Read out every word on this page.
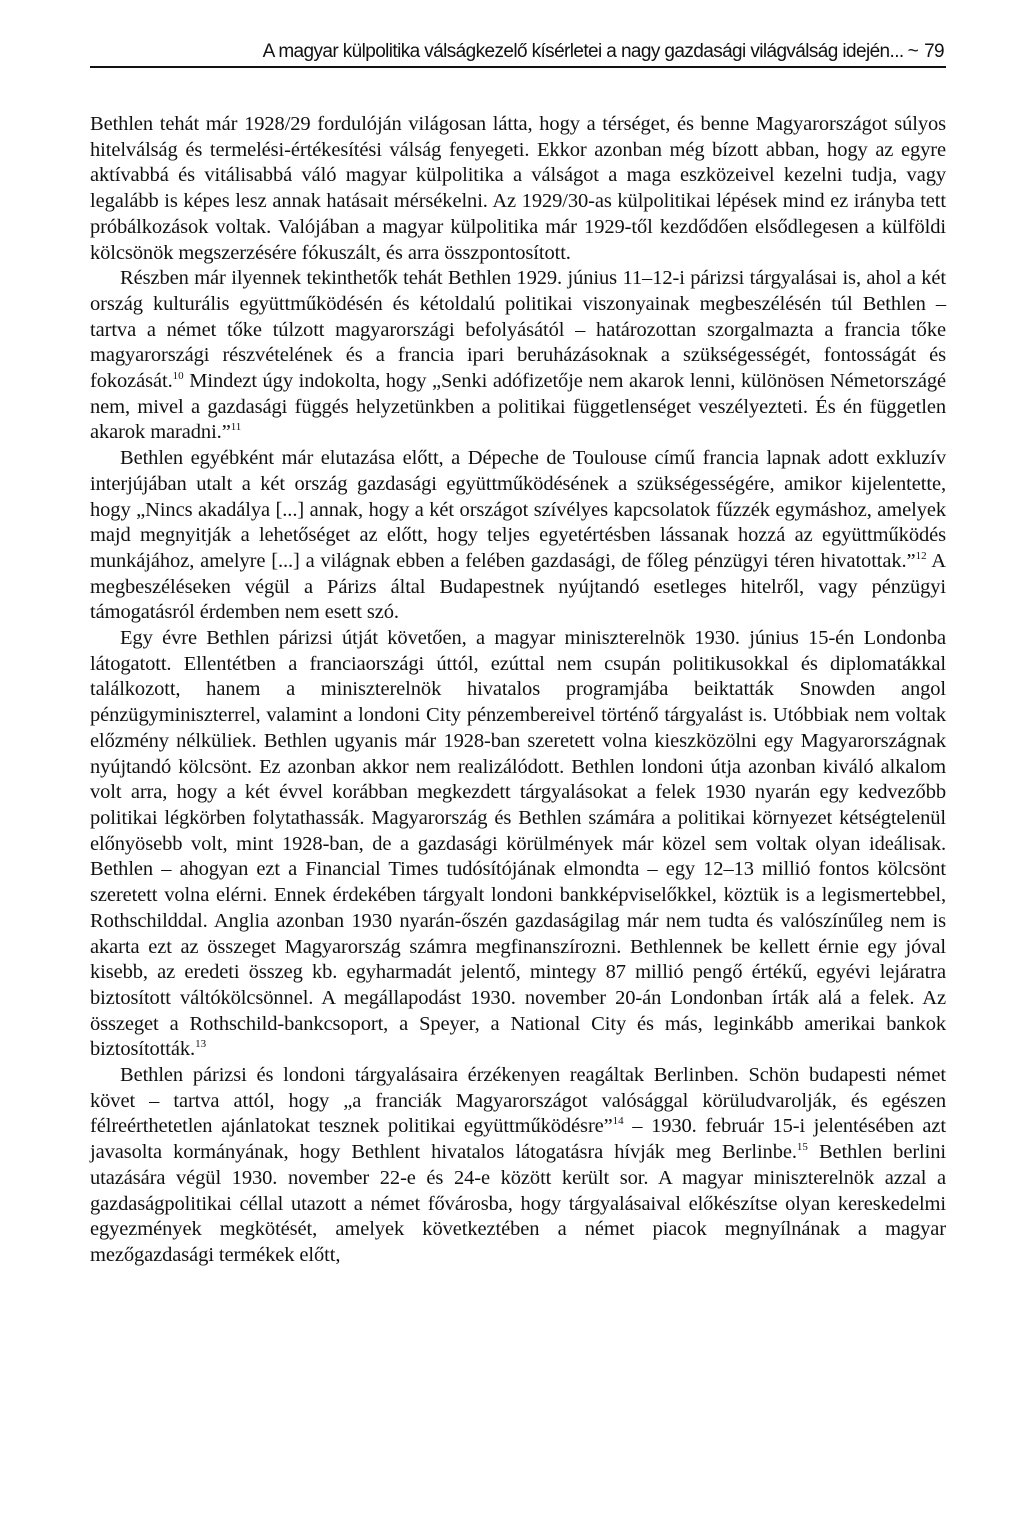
A magyar külpolitika válságkezelő kísérletei a nagy gazdasági világválság idején... ~ 79

Bethlen tehát már 1928/29 fordulóján világosan látta, hogy a térséget, és benne Magyarországot súlyos hitelválság és termelési-értékesítési válság fenyegeti. Ekkor azonban még bízott abban, hogy az egyre aktívabbá és vitálisabbá váló magyar külpolitika a válságot a maga eszközeivel kezelni tudja, vagy legalább is képes lesz annak hatásait mérsékelni. Az 1929/30-as külpolitikai lépések mind ez irányba tett próbálkozások voltak. Valójában a magyar külpolitika már 1929-től kezdődően elsődlegesen a külföldi kölcsönök megszerzésére fókuszált, és arra összpontosított.

Részben már ilyennek tekinthetők tehát Bethlen 1929. június 11–12-i párizsi tárgyalásai is, ahol a két ország kulturális együttműködésén és kétoldalú politikai viszonyainak megbeszélésén túl Bethlen – tartva a német tőke túlzott magyarországi befolyásától – határozottan szorgalmazta a francia tőke magyarországi részvételének és a francia ipari beruházásoknak a szükségességét, fontosságát és fokozását.$^{10}$ Mindezt úgy indokolta, hogy „Senki adófizetője nem akarok lenni, különösen Németországé nem, mivel a gazdasági függés helyzetünkben a politikai függetlenséget veszélyezteti. És én független akarok maradni.”$^{11}$

Bethlen egyébként már elutazása előtt, a Dépeche de Toulouse című francia lapnak adott exkluzív interjújában utalt a két ország gazdasági együttműködésének a szükségességére, amikor kijelentette, hogy „Nincs akadálya [...] annak, hogy a két országot szívélyes kapcsolatok fűzzék egymáshoz, amelyek majd megnyitják a lehetőséget az előtt, hogy teljes egyetértésben lássanak hozzá az együttműködés munkájához, amelyre [...] a világnak ebben a felében gazdasági, de főleg pénzügyi téren hivatottak.”$^{12}$ A megbeszéléseken végül a Párizs által Budapestnek nyújtandó esetleges hitelről, vagy pénzügyi támogatásról érdemben nem esett szó.

Egy évre Bethlen párizsi útját követően, a magyar miniszterelnök 1930. június 15-én Londonba látogatott. Ellentétben a franciaországi úttól, ezúttal nem csupán politikusokkal és diplomatákkal találkozott, hanem a miniszterelnök hivatalos programjába beiktatták Snowden angol pénzügyminiszterrel, valamint a londoni City pénzembereivel történő tárgyalást is. Utóbbiak nem voltak előzmény nélküliek. Bethlen ugyanis már 1928-ban szeretett volna kieszközölni egy Magyarországnak nyújtandó kölcsönt. Ez azonban akkor nem realizálódott. Bethlen londoni útja azonban kiváló alkalom volt arra, hogy a két évvel korábban megkezdett tárgyalásokat a felek 1930 nyarán egy kedvezőbb politikai légkörben folytathassák. Magyarország és Bethlen számára a politikai környezet kétségtelenül előnyösebb volt, mint 1928-ban, de a gazdasági körülmények már közel sem voltak olyan ideálisak. Bethlen – ahogyan ezt a Financial Times tudósítójának elmondta – egy 12–13 millió fontos kölcsönt szeretett volna elérni. Ennek érdekében tárgyalt londoni bankképviselőkkel, köztük is a legismertebbel, Rothschilddal. Anglia azonban 1930 nyarán-őszén gazdaságilag már nem tudta és valószínűleg nem is akarta ezt az összeget Magyarország számra megfinanszírozni. Bethlennek be kellett érnie egy jóval kisebb, az eredeti összeg kb. egyharmadát jelentő, mintegy 87 millió pengő értékű, egyévi lejáratra biztosított váltókölcsönnel. A megállapodást 1930. november 20-án Londonban írták alá a felek. Az összeget a Rothschild-bankcsoport, a Speyer, a National City és más, leginkább amerikai bankok biztosították.$^{13}$

Bethlen párizsi és londoni tárgyalásaira érzékenyen reagáltak Berlinben. Schön budapesti német követ – tartva attól, hogy „a franciák Magyarországot valósággal körüludvarolják, és egészen félreérthetetlen ajánlatokat tesznek politikai együttműködésre”$^{14}$ – 1930. február 15-i jelentésében azt javasolta kormányának, hogy Bethlent hivatalos látogatásra hívják meg Berlinbe.$^{15}$ Bethlen berlini utazására végül 1930. november 22-e és 24-e között került sor. A magyar miniszterelnök azzal a gazdaságpolitikai céllal utazott a német fővárosba, hogy tárgyalásaival előkészítse olyan kereskedelmi egyezmények megkötését, amelyek következtében a német piacok megnyílnának a magyar mezőgazdasági termékek előtt,
